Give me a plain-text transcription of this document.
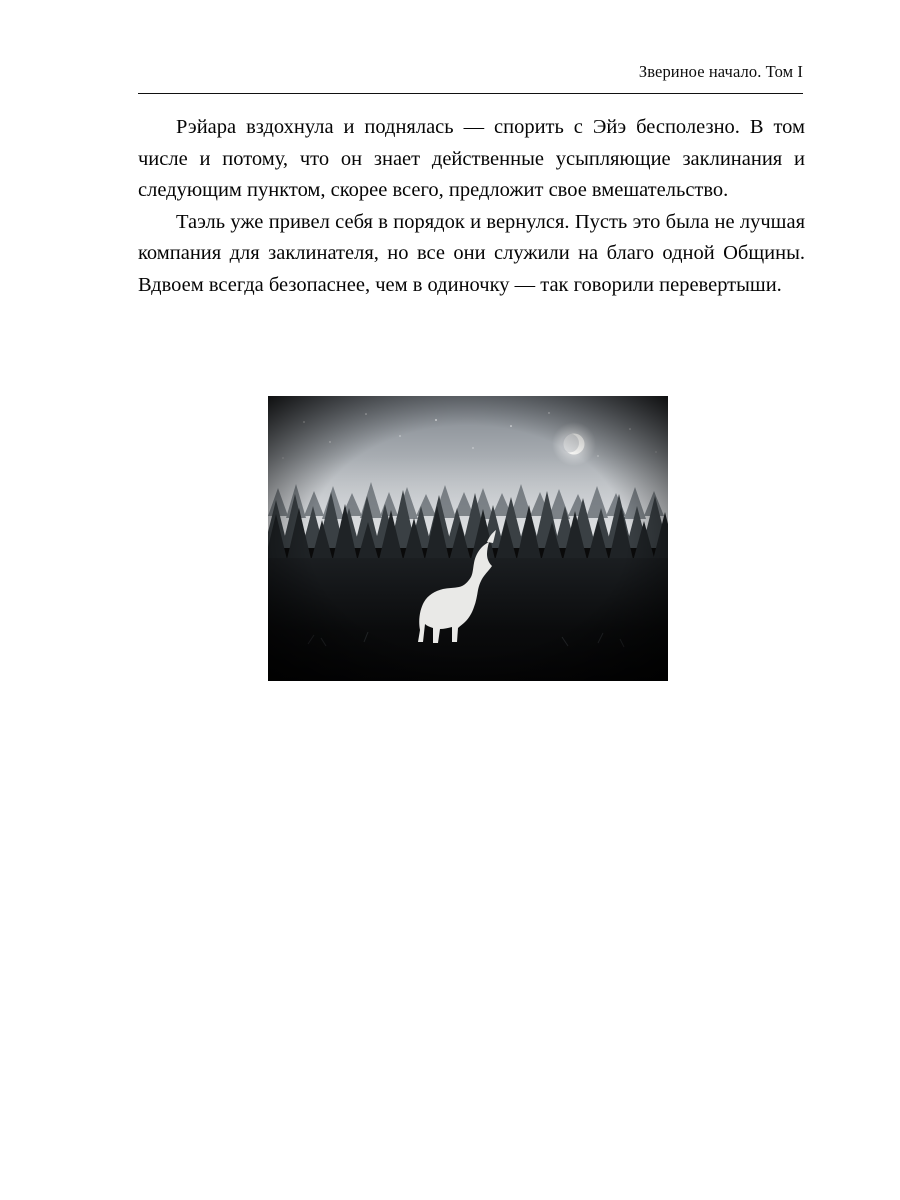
Звериное начало. Том I

Рэйара вздохнула и поднялась — спорить с Эйэ бесполезно. В том числе и потому, что он знает действенные усыпляющие заклинания и следующим пунктом, скорее всего, предложит свое вмешательство.

Таэль уже привел себя в порядок и вернулся. Пусть это была не лучшая компания для заклинателя, но все они служили на благо одной Общины. Вдвоем всегда безопаснее, чем в одиночку — так говорили перевертыши.
